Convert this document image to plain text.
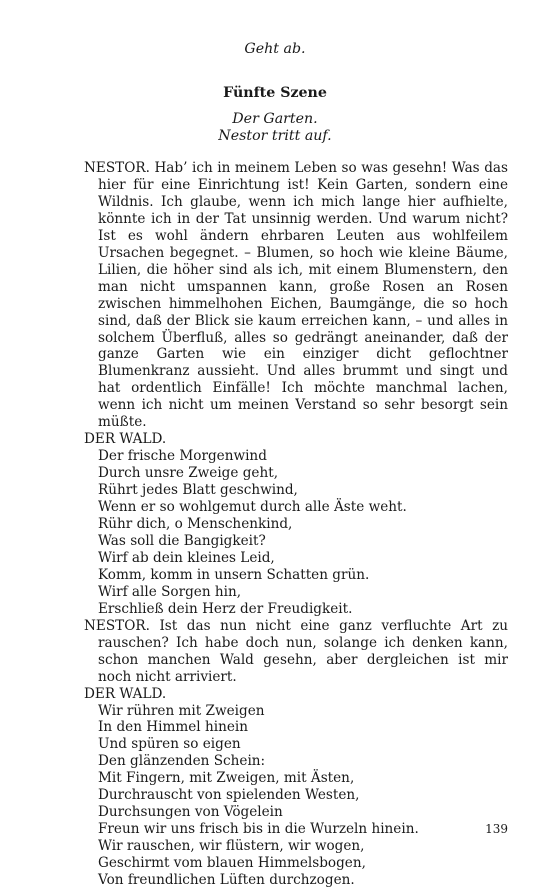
Geht ab.
Fünfte Szene
Der Garten.
Nestor tritt auf.

NESTOR. Hab’ ich in meinem Leben so was gesehn! Was das hier für eine Einrichtung ist! Kein Garten, sondern eine Wildnis. Ich glaube, wenn ich mich lange hier aufhielte, könnte ich in der Tat unsinnig werden. Und warum nicht? Ist es wohl ändern ehrbaren Leuten aus wohlfeilem Ursachen begegnet. – Blumen, so hoch wie kleine Bäume, Lilien, die höher sind als ich, mit einem Blumenstern, den man nicht umspannen kann, große Rosen an Rosen zwischen himmelhohen Eichen, Baumgänge, die so hoch sind, daß der Blick sie kaum erreichen kann, – und alles in solchem Überfluß, alles so gedrängt aneinander, daß der ganze Garten wie ein einziger dicht geflochtner Blumenkranz aussieht. Und alles brummt und singt und hat ordentlich Einfälle! Ich möchte manchmal lachen, wenn ich nicht um meinen Verstand so sehr besorgt sein müßte.

DER WALD.

Der frische Morgenwind
Durch unsre Zweige geht,
Rührt jedes Blatt geschwind,
Wenn er so wohlgemut durch alle Äste weht.
Rühr dich, o Menschenkind,
Was soll die Bangigkeit?
Wirf ab dein kleines Leid,
Komm, komm in unsern Schatten grün.
Wirf alle Sorgen hin,
Erschließ dein Herz der Freudigkeit.

NESTOR. Ist das nun nicht eine ganz verfluchte Art zu rauschen? Ich habe doch nun, solange ich denken kann, schon manchen Wald gesehn, aber dergleichen ist mir noch nicht arriviert.

DER WALD.

Wir rühren mit Zweigen
In den Himmel hinein
Und spüren so eigen
Den glänzenden Schein:
Mit Fingern, mit Zweigen, mit Ästen,
Durchrauscht von spielenden Westen,
Durchsungen von Vögelein
Freun wir uns frisch bis in die Wurzeln hinein.
Wir rauschen, wir flüstern, wir wogen,
Geschirmt vom blauen Himmelsbogen,
Von freundlichen Lüften durchzogen.
139
